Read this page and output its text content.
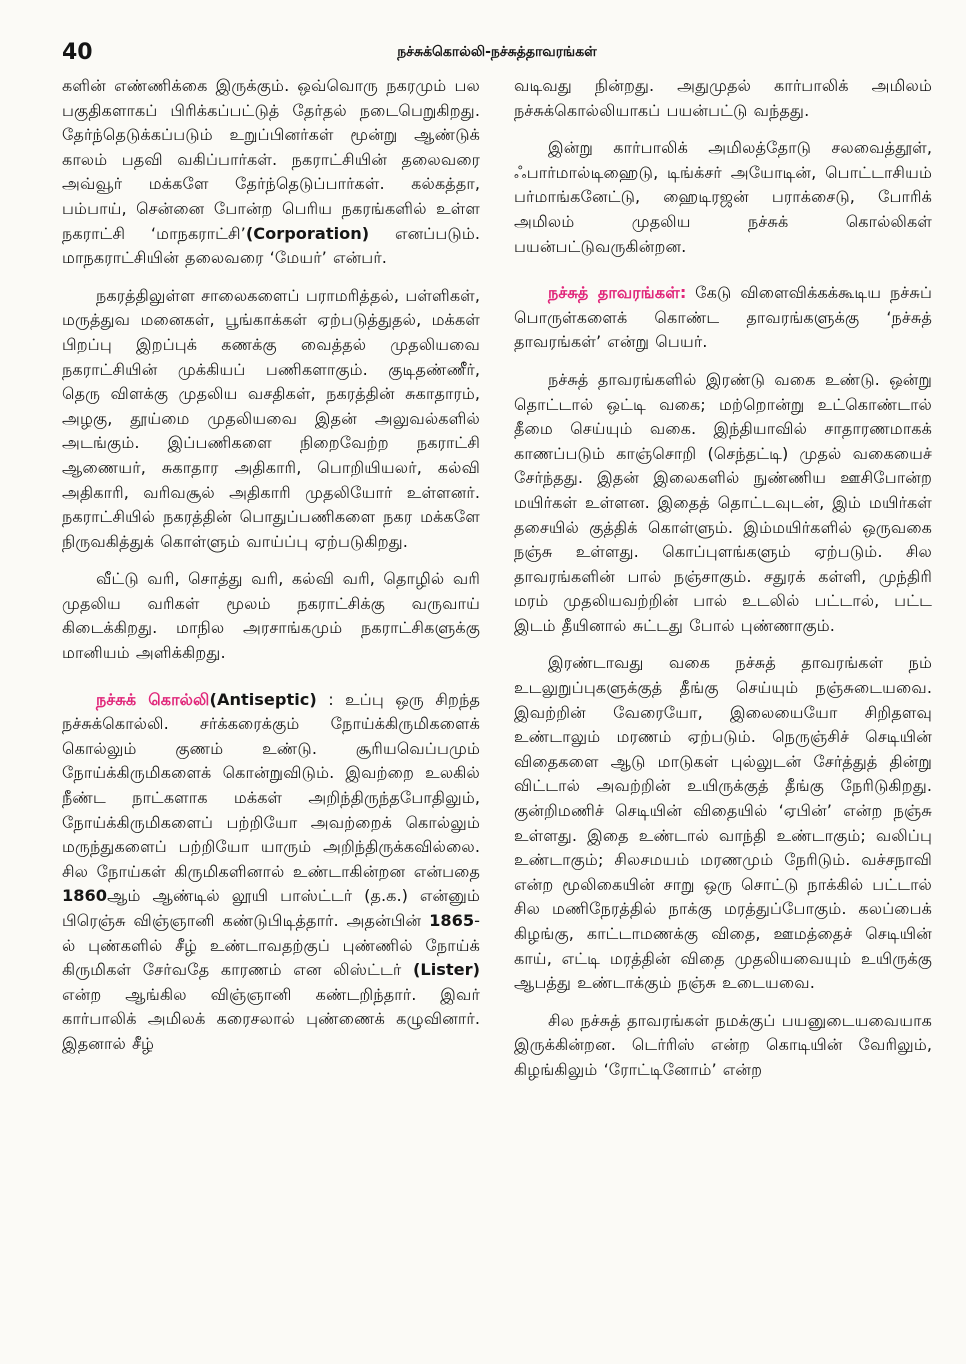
40	நச்சுக்கொல்லி-நச்சுத்தாவரங்கள்

களின் எண்ணிக்கை இருக்கும். ஒவ்வொரு நகரமும் பல பகுதிகளாகப் பிரிக்கப்பட்டுத் தேர்தல் நடைபெறுகிறது. தேர்ந்தெடுக்கப்படும் உறுப்பினர்கள் மூன்று ஆண்டுக் காலம் பதவி வகிப்பார்கள். நகராட்சியின் தலைவரை அவ்வூர் மக்களே தேர்ந்தெடுப்பார்கள். கல்கத்தா, பம்பாய், சென்னை போன்ற பெரிய நகரங்களில் உள்ள நகராட்சி ‘மாநகராட்சி’(Corporation) எனப்படும். மாநகராட்சியின் தலைவரை ‘மேயர்’ என்பர்.

நகரத்திலுள்ள சாலைகளைப் பராமரித்தல், பள்ளிகள், மருத்துவ மனைகள், பூங்காக்கள் ஏற்படுத்துதல், மக்கள் பிறப்பு இறப்புக் கணக்கு வைத்தல் முதலியவை நகராட்சியின் முக்கியப் பணிகளாகும். குடிதண்ணீர், தெரு விளக்கு முதலிய வசதிகள், நகரத்தின் சுகாதாரம், அழகு, தூய்மை முதலியவை இதன் அலுவல்களில் அடங்கும். இப்பணிகளை நிறைவேற்ற நகராட்சி ஆணையர், சுகாதார அதிகாரி, பொறியியலர், கல்வி அதிகாரி, வரிவசூல் அதிகாரி முதலியோர் உள்ளனர். நகராட்சியில் நகரத்தின் பொதுப்பணிகளை நகர மக்களே நிருவகித்துக் கொள்ளும் வாய்ப்பு ஏற்படுகிறது.

வீட்டு வரி, சொத்து வரி, கல்வி வரி, தொழில் வரி முதலிய வரிகள் மூலம் நகராட்சிக்கு வருவாய் கிடைக்கிறது. மாநில அரசாங்கமும் நகராட்சிகளுக்கு மானியம் அளிக்கிறது.

நச்சுக் கொல்லி(Antiseptic) : உப்பு ஒரு சிறந்த நச்சுக்கொல்லி. சர்க்கரைக்கும் நோய்க்கிருமிகளைக் கொல்லும் குணம் உண்டு. சூரியவெப்பமும் நோய்க்கிருமிகளைக் கொன்றுவிடும். இவற்றை உலகில் நீண்ட நாட்களாக மக்கள் அறிந்திருந்தபோதிலும், நோய்க்கிருமிகளைப் பற்றியோ அவற்றைக் கொல்லும் மருந்துகளைப் பற்றியோ யாரும் அறிந்திருக்கவில்லை. சில நோய்கள் கிருமிகளினால் உண்டாகின்றன என்பதை 1860ஆம் ஆண்டில் லூயி பாஸ்ட்டர் (த.க.) என்னும் பிரெஞ்சு விஞ்ஞானி கண்டுபிடித்தார். அதன்பின் 1865-ல் புண்களில் சீழ் உண்டாவதற்குப் புண்ணில் நோய்க் கிருமிகள் சேர்வதே காரணம் என லிஸ்ட்டர் (Lister) என்ற ஆங்கில விஞ்ஞானி கண்டறிந்தார். இவர் கார்பாலிக் அமிலக் கரைசலால் புண்ணைக் கழுவினார். இதனால் சீழ்

வடிவது நின்றது. அதுமுதல் கார்பாலிக் அமிலம் நச்சுக்கொல்லியாகப் பயன்பட்டு வந்தது.

இன்று கார்பாலிக் அமிலத்தோடு சலவைத்தூள், ஃபார்மால்டிஹைடு, டிங்க்சர் அயோடின், பொட்டாசியம் பர்மாங்கனேட்டு, ஹைடிரஜன் பராக்சைடு, போரிக் அமிலம் முதலிய நச்சுக் கொல்லிகள் பயன்பட்டுவருகின்றன.

நச்சுத் தாவரங்கள்: கேடு விளைவிக்கக்கூடிய நச்சுப் பொருள்களைக் கொண்ட தாவரங்களுக்கு ‘நச்சுத் தாவரங்கள்’ என்று பெயர்.

நச்சுத் தாவரங்களில் இரண்டு வகை உண்டு. ஒன்று தொட்டால் ஒட்டி வகை; மற்றொன்று உட்கொண்டால் தீமை செய்யும் வகை. இந்தியாவில் சாதாரணமாகக் காணப்படும் காஞ்சொறி (செந்தட்டி) முதல் வகையைச் சேர்ந்தது. இதன் இலைகளில் நுண்ணிய ஊசிபோன்ற மயிர்கள் உள்ளன. இதைத் தொட்டவுடன், இம் மயிர்கள் தசையில் குத்திக் கொள்ளும். இம்மயிர்களில் ஒருவகை நஞ்சு உள்ளது. கொப்புளங்களும் ஏற்படும். சில தாவரங்களின் பால் நஞ்சாகும். சதுரக் கள்ளி, முந்திரி மரம் முதலியவற்றின் பால் உடலில் பட்டால், பட்ட இடம் தீயினால் சுட்டது போல் புண்ணாகும்.

இரண்டாவது வகை நச்சுத் தாவரங்கள் நம் உடலுறுப்புகளுக்குத் தீங்கு செய்யும் நஞ்சுடையவை. இவற்றின் வேரையோ, இலையையோ சிறிதளவு உண்டாலும் மரணம் ஏற்படும். நெருஞ்சிச் செடியின் விதைகளை ஆடு மாடுகள் புல்லுடன் சேர்த்துத் தின்று விட்டால் அவற்றின் உயிருக்குத் தீங்கு நேரிடுகிறது. குன்றிமணிச் செடியின் விதையில் ‘ஏபின்’ என்ற நஞ்சு உள்ளது. இதை உண்டால் வாந்தி உண்டாகும்; வலிப்பு உண்டாகும்; சிலசமயம் மரணமும் நேரிடும். வச்சநாவி என்ற மூலிகையின் சாறு ஒரு சொட்டு நாக்கில் பட்டால் சில மணிநேரத்தில் நாக்கு மரத்துப்போகும். கலப்பைக் கிழங்கு, காட்டாமணக்கு விதை, ஊமத்தைச் செடியின் காய், எட்டி மரத்தின் விதை முதலியவையும் உயிருக்கு ஆபத்து உண்டாக்கும் நஞ்சு உடையவை.

சில நச்சுத் தாவரங்கள் நமக்குப் பயனுடையவையாக இருக்கின்றன. டெர்ரிஸ் என்ற கொடியின் வேரிலும், கிழங்கிலும் ‘ரோட்டினோம்’ என்ற
